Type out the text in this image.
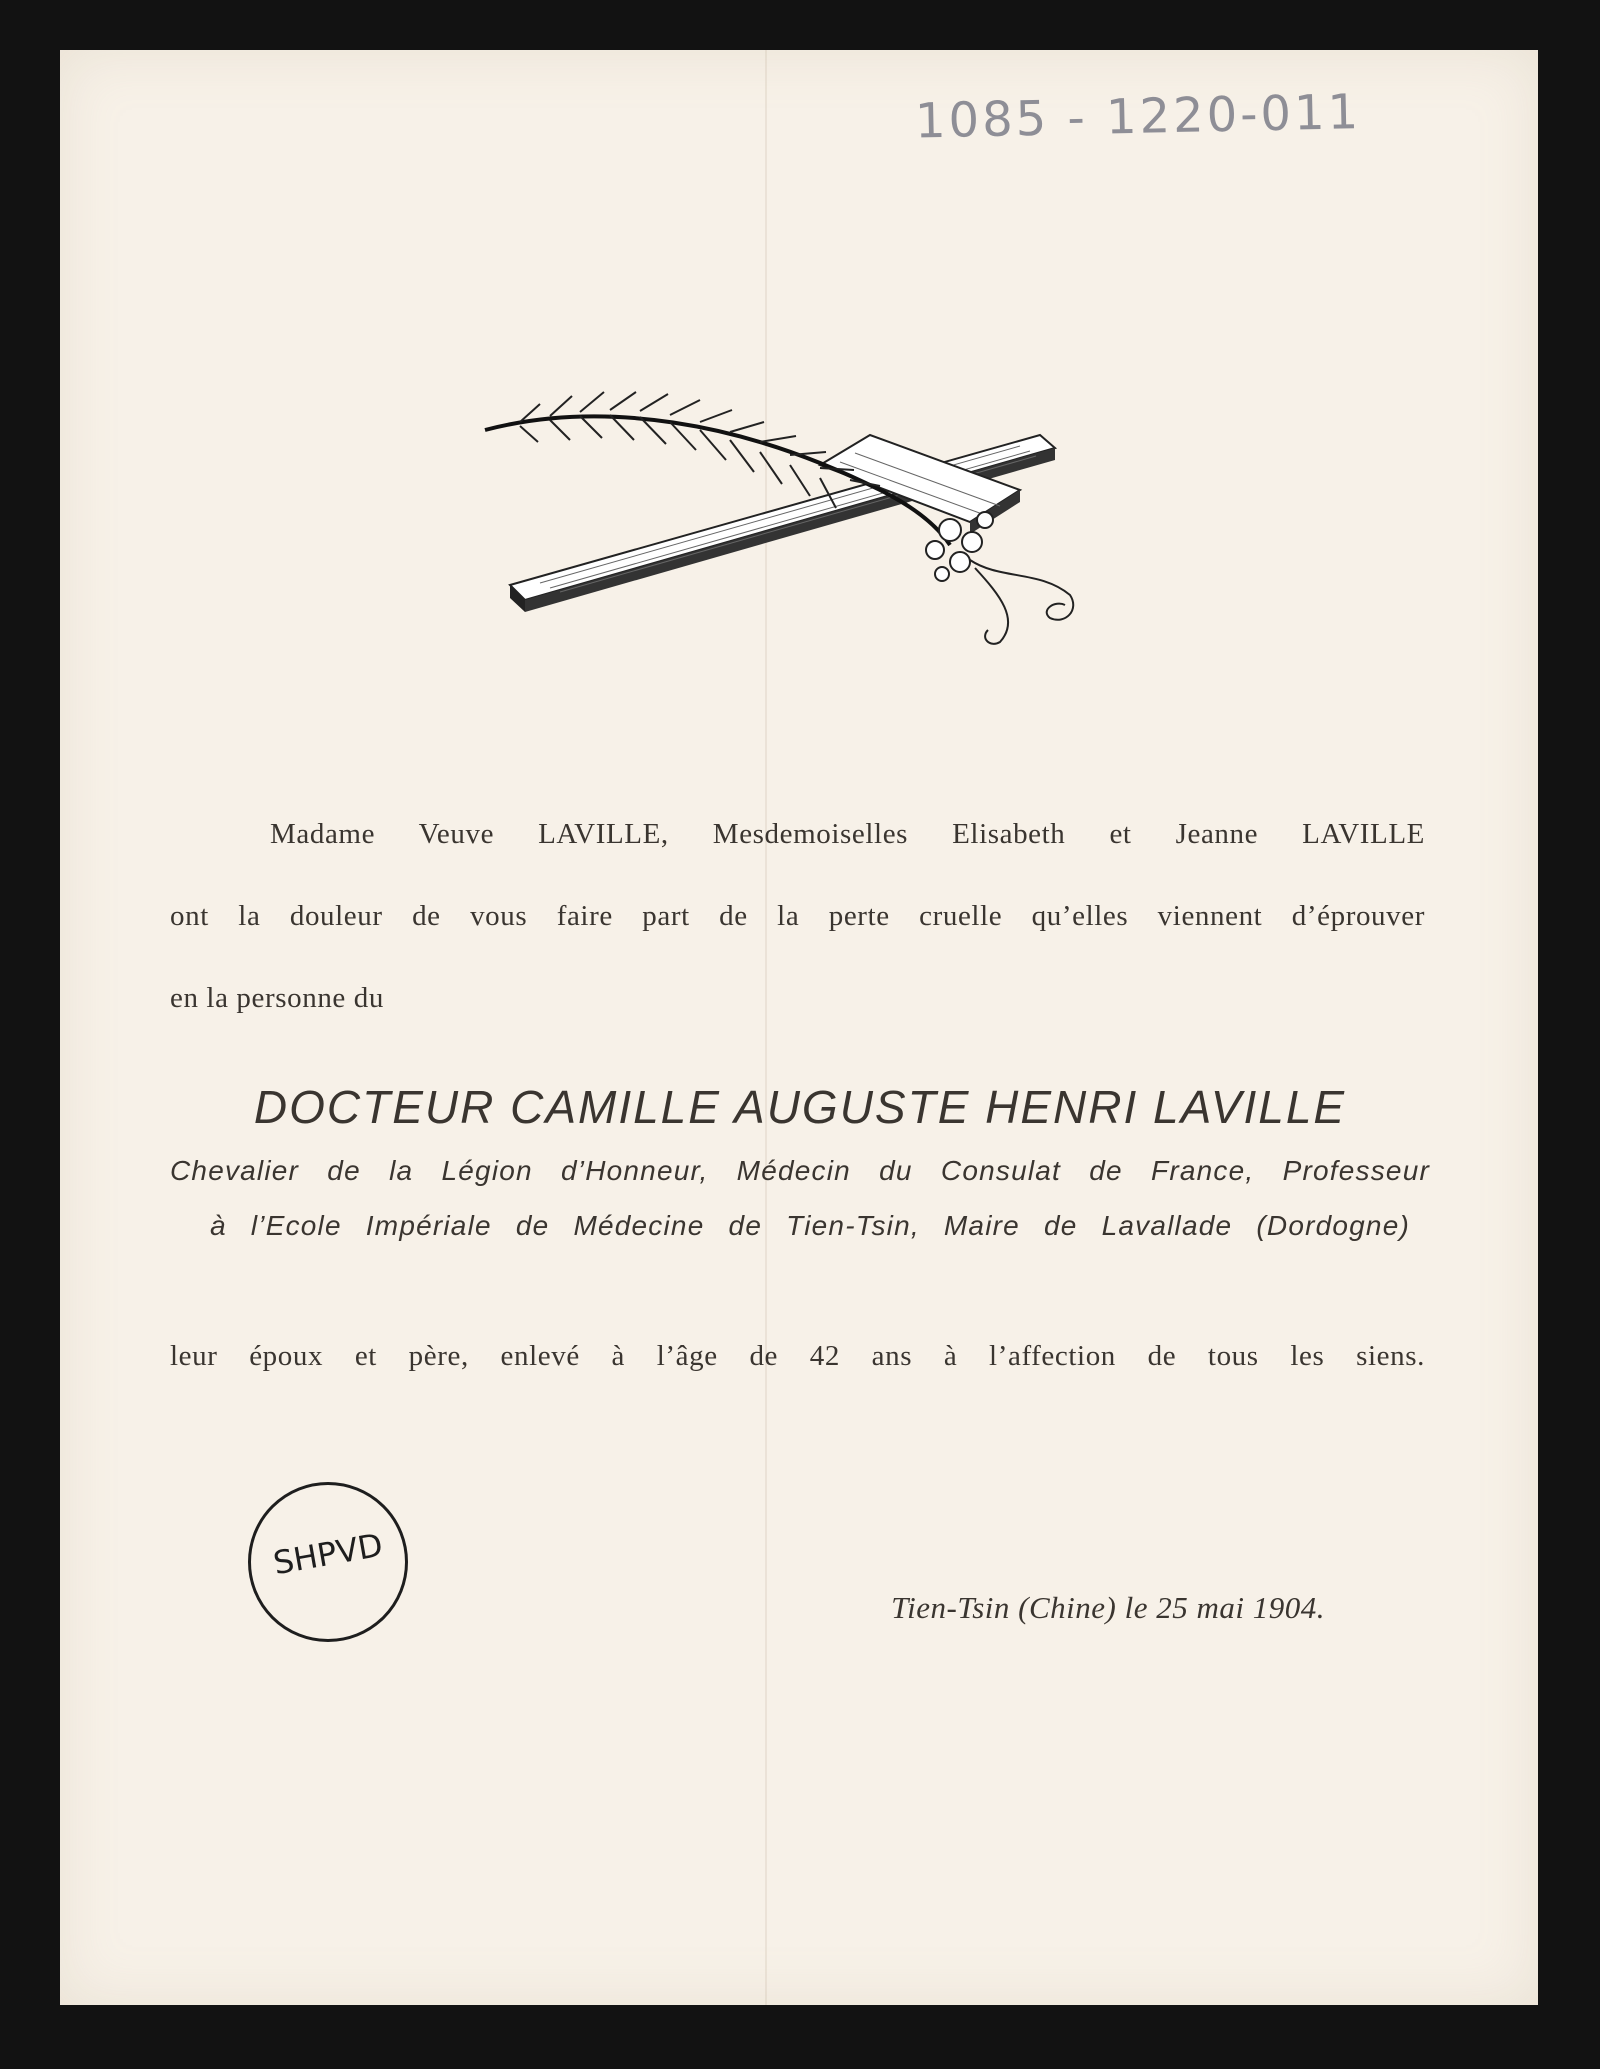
1085 - 1220-011
Madame Veuve LAVILLE, Mesdemoiselles Elisabeth et Jeanne LAVILLE
ont la douleur de vous faire part de la perte cruelle qu’elles viennent d’éprouver
en la personne du
DOCTEUR CAMILLE AUGUSTE HENRI LAVILLE
Chevalier de la Légion d’Honneur, Médecin du Consulat de France, Professeur
à l’Ecole Impériale de Médecine de Tien-Tsin, Maire de Lavallade (Dordogne)
leur époux et père, enlevé à l’âge de 42 ans à l’affection de tous les siens.
SHPVD
Tien-Tsin (Chine) le 25 mai 1904.
